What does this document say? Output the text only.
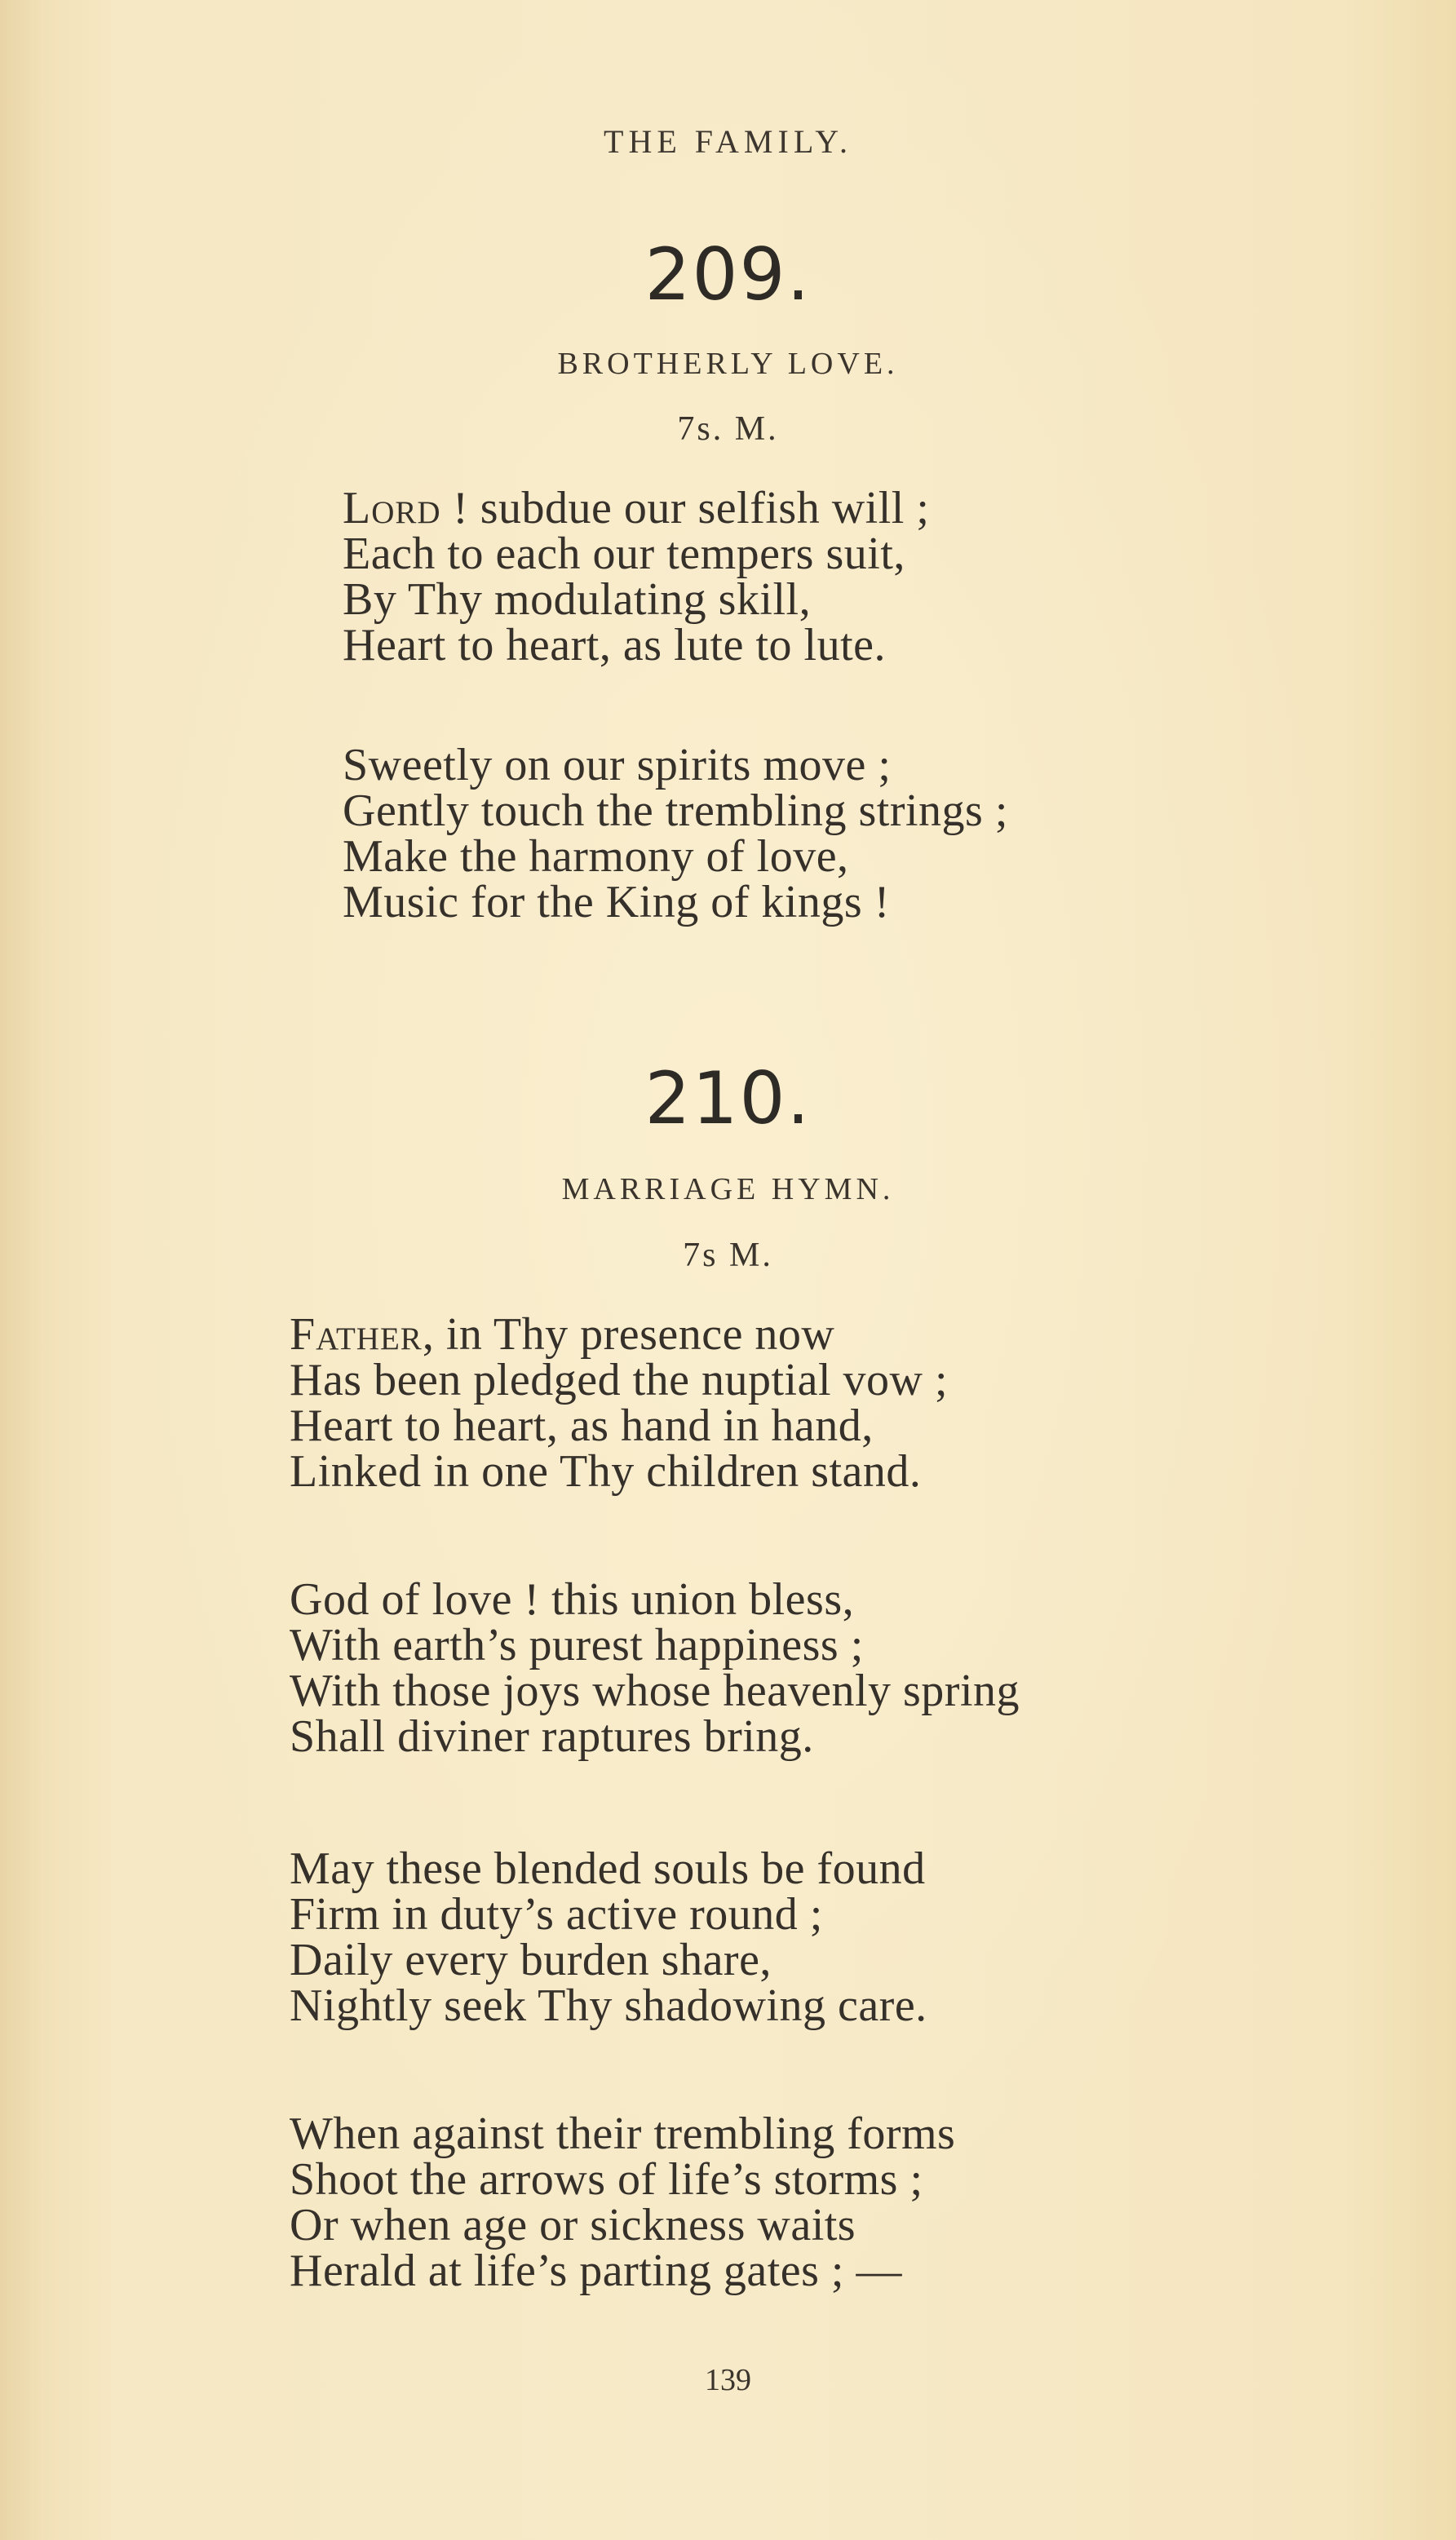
THE FAMILY.
209.
BROTHERLY LOVE.
7s. M.
Lord ! subdue our selfish will ;
Each to each our tempers suit,
By Thy modulating skill,
Heart to heart, as lute to lute.
Sweetly on our spirits move ;
Gently touch the trembling strings ;
Make the harmony of love,
Music for the King of kings !
210.
MARRIAGE HYMN.
7s M.
Father, in Thy presence now
Has been pledged the nuptial vow ;
Heart to heart, as hand in hand,
Linked in one Thy children stand.
God of love ! this union bless,
With earth’s purest happiness ;
With those joys whose heavenly spring
Shall diviner raptures bring.
May these blended souls be found
Firm in duty’s active round ;
Daily every burden share,
Nightly seek Thy shadowing care.
When against their trembling forms
Shoot the arrows of life’s storms ;
Or when age or sickness waits
Herald at life’s parting gates ; —
139
